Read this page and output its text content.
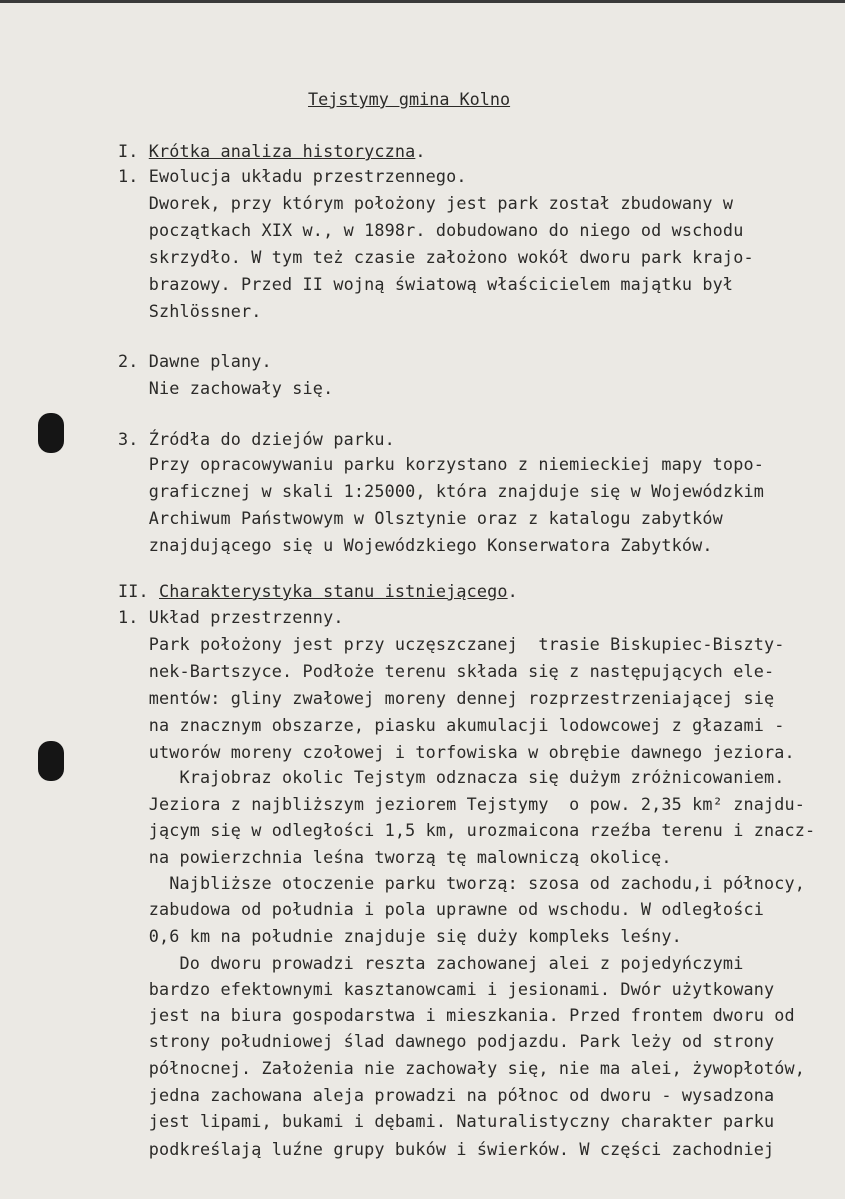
Tejstymy gmina Kolno
I. Krótka analiza historyczna.
1. Ewolucja układu przestrzennego.
Dworek, przy którym położony jest park został zbudowany w
początkach XIX w., w 1898r. dobudowano do niego od wschodu
skrzydło. W tym też czasie założono wokół dworu park krajo-
brazowy. Przed II wojną światową właścicielem majątku był
Szhlössner.
2. Dawne plany.
Nie zachowały się.
3. Źródła do dziejów parku.
Przy opracowywaniu parku korzystano z niemieckiej mapy topo-
graficznej w skali 1:25000, która znajduje się w Wojewódzkim
Archiwum Państwowym w Olsztynie oraz z katalogu zabytków
znajdującego się u Wojewódzkiego Konserwatora Zabytków.
II. Charakterystyka stanu istniejącego.
1. Układ przestrzenny.
Park położony jest przy uczęszczanej  trasie Biskupiec-Biszty-
nek-Bartszyce. Podłoże terenu składa się z następujących ele-
mentów: gliny zwałowej moreny dennej rozprzestrzeniającej się
na znacznym obszarze, piasku akumulacji lodowcowej z głazami -
utworów moreny czołowej i torfowiska w obrębie dawnego jeziora.
Krajobraz okolic Tejstym odznacza się dużym zróżnicowaniem.
Jeziora z najbliższym jeziorem Tejstymy  o pow. 2,35 km² znajdu-
jącym się w odległości 1,5 km, urozmaicona rzeźba terenu i znacz-
na powierzchnia leśna tworzą tę malowniczą okolicę.
Najbliższe otoczenie parku tworzą: szosa od zachodu,i północy,
zabudowa od południa i pola uprawne od wschodu. W odległości
0,6 km na południe znajduje się duży kompleks leśny.
Do dworu prowadzi reszta zachowanej alei z pojedyńczymi
bardzo efektownymi kasztanowcami i jesionami. Dwór użytkowany
jest na biura gospodarstwa i mieszkania. Przed frontem dworu od
strony południowej ślad dawnego podjazdu. Park leży od strony
północnej. Założenia nie zachowały się, nie ma alei, żywopłotów,
jedna zachowana aleja prowadzi na północ od dworu - wysadzona
jest lipami, bukami i dębami. Naturalistyczny charakter parku
podkreślają luźne grupy buków i świerków. W części zachodniej
